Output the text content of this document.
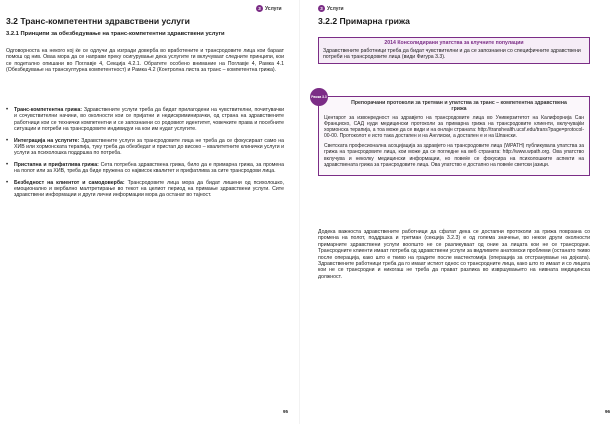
3 Услуги
3.2 Транс-компетентни здравствени услуги
3.2.1 Принципи за обезбедување на транс-компетентни здравствени услуги

Одговорноста на некого кој ќе се одлучи да изгради доверба во вработените и трансродовите лица кои бараат помош од нив. Оваа мора да се направи преку осигурување дека услугите ги вклучуваат следните принципи, кои се подетално опишани во Поглавје 4, Секција 4.2.1. Обратете особено внимание на Поглавје 4, Рамка 4.1 (Обезбедување на транскултурна компетентност) и Рамка 4.2 (Контролна листа за транс – компетентна грижа).

• Транс-компетентна грижа: Здравствените услуги треба да бидат прилагодени на чувствителни, почитувачки и сочувствителни начини, во околности кои се пријатни и недискриминирачки, од страна на здравствените работници кои се технички компетентни и се запознаени со родовиот идентитет, човечките права и посебните ситуации и потреби на трансродовите индивидуи на кои им нудат услугите.
• Интеграција на услугите: Здравствените услуги за трансродовите лица не треба да се фокусираат само на ХИВ или хормонската терапија, туку треба да обезбедат и пристап до високо – квалитетните клинички услуги и услуги за психолошка поддршка по потреба.
• Пристапна и прифатлива грижа: Сета потребна здравствена грижа, било да е примарна грижа, за промена на полот или за ХИВ, треба да биде пружена со највисок квалитет и прифатлива за сите трансродови лица.
• Безбедност на клиентот и самодоверба: Трансродовите лица мора да бидат лишени од психолошко, емоционално и вербално малтретирање во текот на целиот период на примање здравствени услуги. Сите здравствени информации и други лични информации мора да останат во тајност.
95
3 Услуги
3.2.2 Примарна грижа
2014 Консолидирани упатства за клучните популации
Здравствените работници треба да бидат чувствителни и да се запознаени со специфичните здравствени потреби на трансродовите лица (види Фигура 3.3).
Препорачани протоколи за третман и упатства за транс – компетентна здравствена грижа

Центарот за извонредност на здравјето на трансродовите лица во Универзитетот на Калифорнија Сан Франциско, САД нуди медицински протоколи за примарна грижа на трансродовите клиенти, вклучувајќи хормонска терапија, а тоа може да се види и на онлајн страната: http://transhealth.ucsf.edu/trans?page=protocol-00-00. Протоколот е исто така достапен и на Англиски, а достапен е и на Шпански.

Светската професионална асоцијација за здравјето на трансродовите лица (WPATH) публикувала упатства за грижа на трансродовите лица, кои може да се погледне на веб страната: http://www.wpath.org. Ова упатство вклучува и неколку медицински информации, но повеќе се фокусира на психолошките аспекти на здравствената грижа за трансродовите лица. Ова упатство е достапно на повеќе светски јазици.

Рамка 3.3

Додека важноста здравствените работници да сфатат дека се достапни протоколи за грижа поврзана со промена на полот, поддршка и третман (секција 3.2.3) е од голема значење, во некои други околности примарните здравствени услуги воопшто не се разликуваат од оние за лицата кои не се трансродни. Трансродните клиенти имаат потреба од здравствени услуги за видливите анатомски проблеми (останато ткиво после операција, како што е ткиво на градите после мастектомија (операција за отстранување на дојката). Здравствените работници треба да го имаат истиот однос со трансродните лица, како што го имаат и со лицата кои не се трансродни и никогаш не треба да прават разлика во извршувањето на нивната медицинска должност.

96
